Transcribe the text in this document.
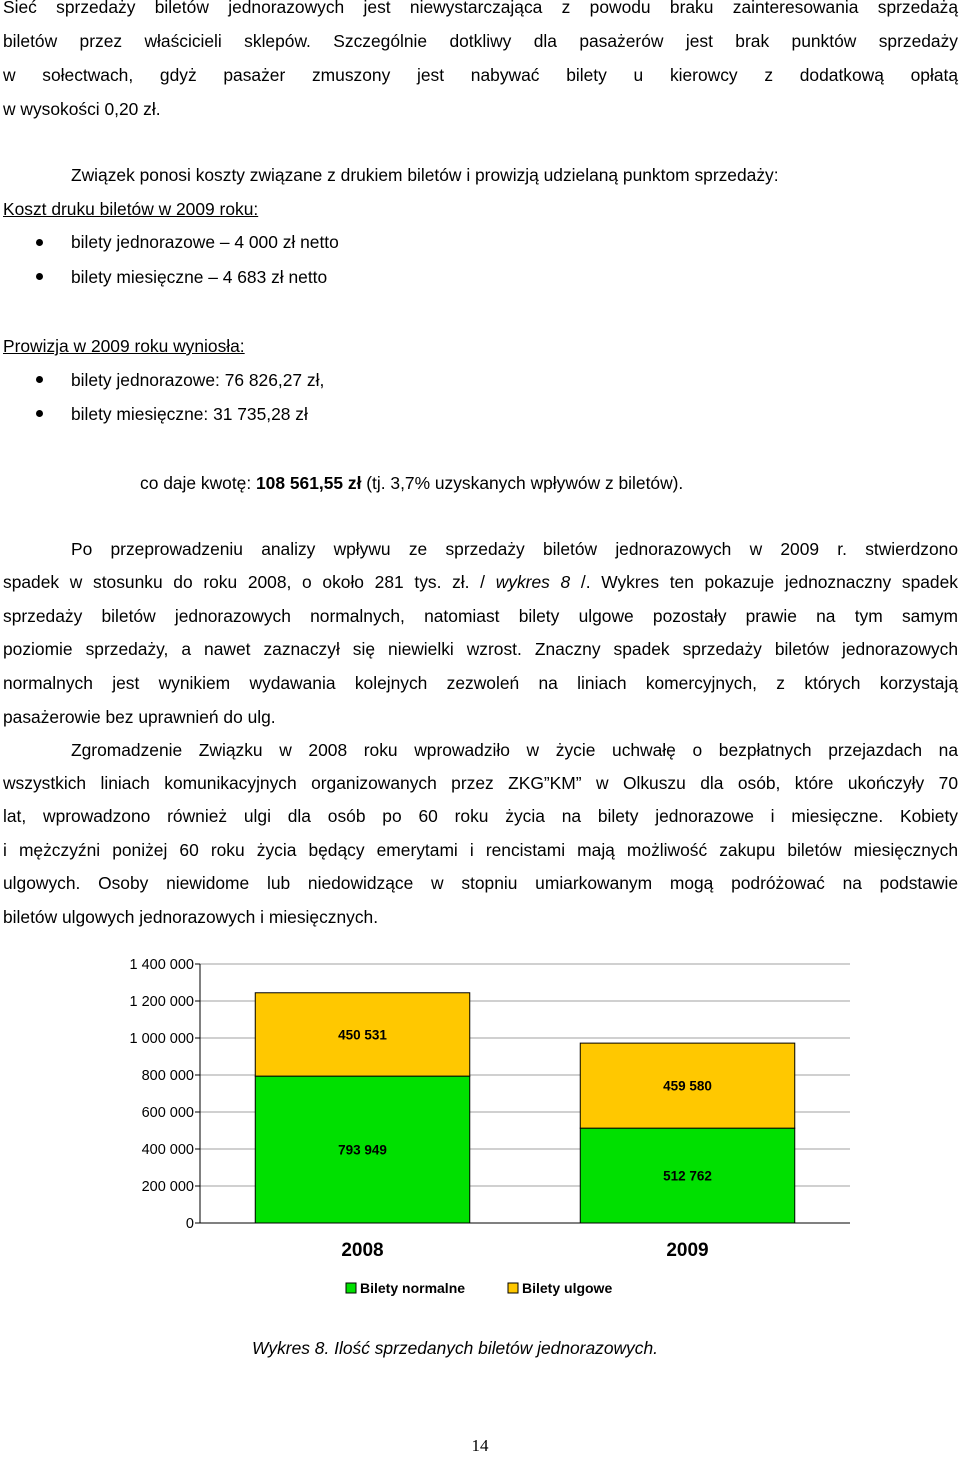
Sieć sprzedaży biletów jednorazowych jest niewystarczająca z powodu braku zainteresowania sprzedażą
biletów przez właścicieli sklepów. Szczególnie dotkliwy dla pasażerów jest brak punktów sprzedaży
w sołectwach, gdyż pasażer zmuszony jest nabywać bilety u kierowcy z dodatkową opłatą
w wysokości 0,20 zł.
Związek ponosi koszty związane z drukiem biletów i prowizją udzielaną punktom sprzedaży:
Koszt druku biletów w 2009 roku:
bilety jednorazowe – 4 000 zł netto
bilety miesięczne – 4 683 zł netto
Prowizja w 2009 roku wyniosła:
bilety jednorazowe: 76 826,27 zł,
bilety miesięczne: 31 735,28 zł
co daje kwotę: 108 561,55 zł (tj. 3,7% uzyskanych wpływów z biletów).
Po przeprowadzeniu analizy wpływu ze sprzedaży biletów jednorazowych w 2009 r. stwierdzono
spadek w stosunku do roku 2008, o około 281 tys. zł. / wykres 8 /. Wykres ten pokazuje jednoznaczny spadek
sprzedaży biletów jednorazowych normalnych, natomiast bilety ulgowe pozostały prawie na tym samym
poziomie sprzedaży, a nawet zaznaczył się niewielki wzrost. Znaczny spadek sprzedaży biletów jednorazowych
normalnych jest wynikiem wydawania kolejnych zezwoleń na liniach komercyjnych, z których korzystają
pasażerowie bez uprawnień do ulg.
Zgromadzenie Związku w 2008 roku wprowadziło w życie uchwałę o bezpłatnych przejazdach na
wszystkich liniach komunikacyjnych organizowanych przez ZKG”KM” w Olkuszu dla osób, które ukończyły 70
lat, wprowadzono również ulgi dla osób po 60 roku życia na bilety jednorazowe i miesięczne. Kobiety
i mężczyźni poniżej 60 roku życia będący emerytami i rencistami mają możliwość zakupu biletów miesięcznych
ulgowych. Osoby niewidome lub niedowidzące w stopniu umiarkowanym mogą podróżować na podstawie
biletów ulgowych jednorazowych i miesięcznych.
0
200 000
400 000
600 000
800 000
1 000 000
1 200 000
1 400 000
793 949
450 531
2008
512 762
459 580
2009
Bilety normalne	Bilety ulgowe
Wykres 8. Ilość sprzedanych biletów jednorazowych.
14
